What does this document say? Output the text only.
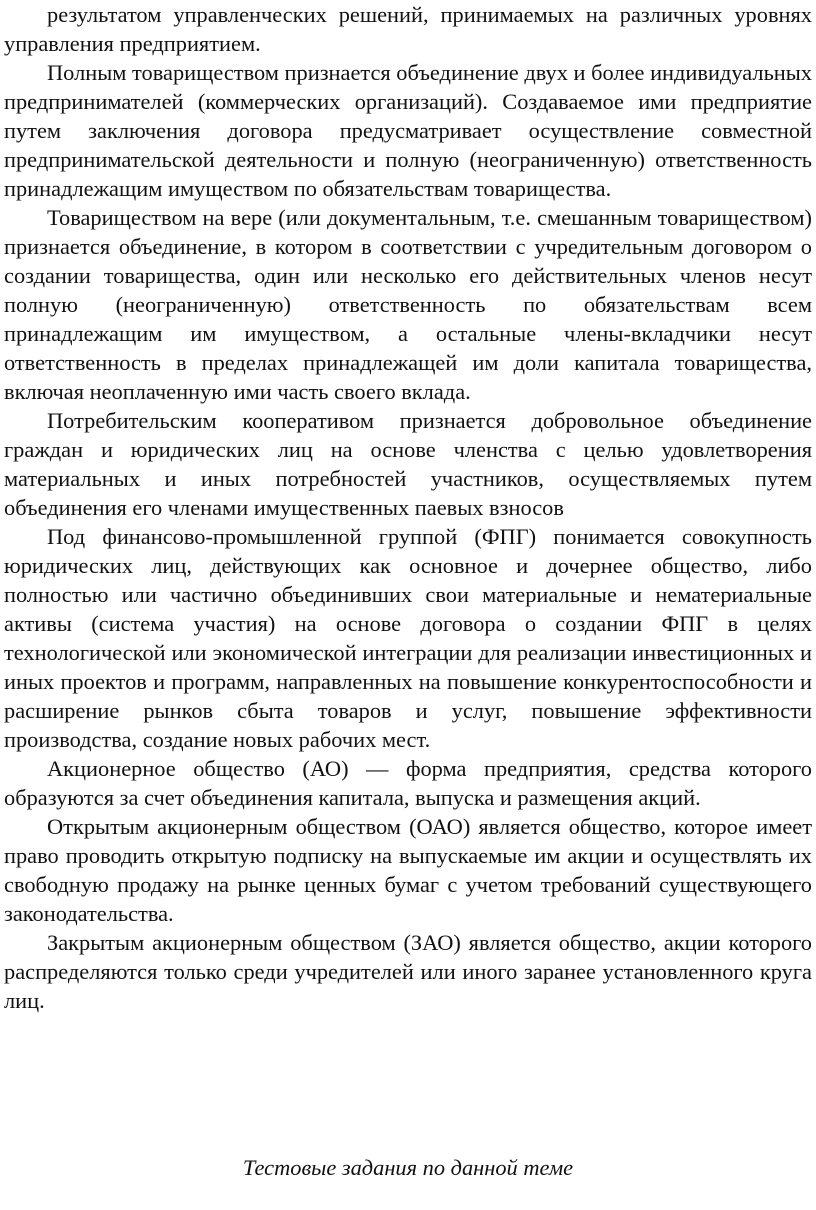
результатом управленческих решений, принимаемых на различных уровнях управления предприятием.

Полным товариществом признается объединение двух и более индивидуальных предпринимателей (коммерческих организаций). Создаваемое ими предприятие путем заключения договора предусматривает осуществление совместной предпринимательской деятельности и полную (неограниченную) ответственность принадлежащим имуществом по обязательствам товарищества.

Товариществом на вере (или документальным, т.е. смешанным товариществом) признается объединение, в котором в соответствии с учредительным договором о создании товарищества, один или несколько его действительных членов несут полную (неограниченную) ответственность по обязательствам всем принадлежащим им имуществом, а остальные члены-вкладчики несут ответственность в пределах принадлежащей им доли капитала товарищества, включая неоплаченную ими часть своего вклада.

Потребительским кооперативом признается добровольное объединение граждан и юридических лиц на основе членства с целью удовлетворения материальных и иных потребностей участников, осуществляемых путем объединения его членами имущественных паевых взносов

Под финансово-промышленной группой (ФПГ) понимается совокупность юридических лиц, действующих как основное и дочернее общество, либо полностью или частично объединивших свои материальные и нематериальные активы (система участия) на основе договора о создании ФПГ в целях технологической или экономической интеграции для реализации инвестиционных и иных проектов и программ, направленных на повышение конкурентоспособности и расширение рынков сбыта товаров и услуг, повышение эффективности производства, создание новых рабочих мест.

Акционерное общество (АО) — форма предприятия, средства которого образуются за счет объединения капитала, выпуска и размещения акций.

Открытым акционерным обществом (ОАО) является общество, которое имеет право проводить открытую подписку на выпускаемые им акции и осуществлять их свободную продажу на рынке ценных бумаг с учетом требований существующего законодательства.

Закрытым акционерным обществом (ЗАО) является общество, акции которого распределяются только среди учредителей или иного заранее установленного круга лиц.

Тестовые задания по данной теме
